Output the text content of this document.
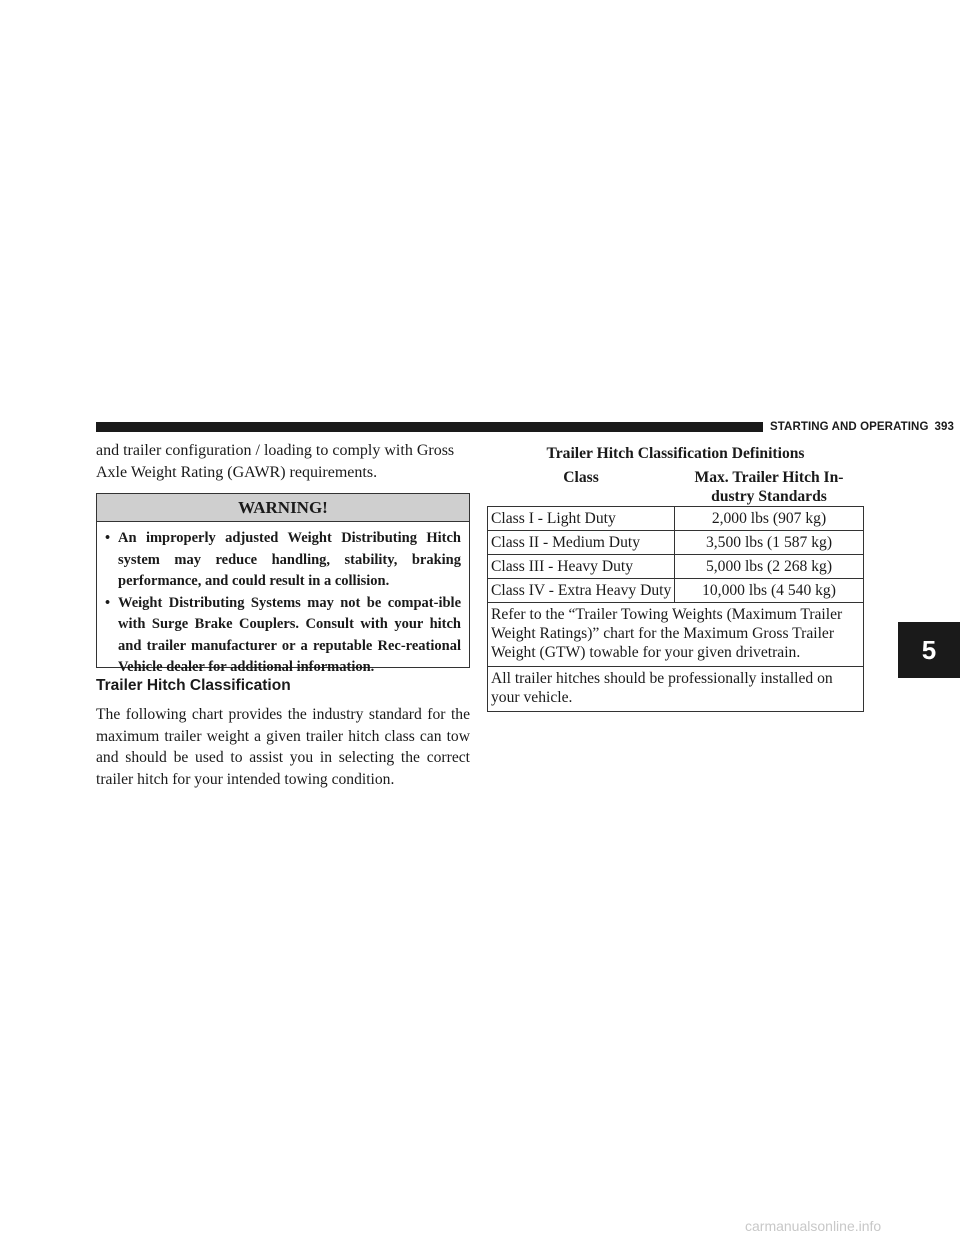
STARTING AND OPERATING 393

and trailer configuration / loading to comply with Gross Axle Weight Rating (GAWR) requirements.

WARNING!
• An improperly adjusted Weight Distributing Hitch system may reduce handling, stability, braking performance, and could result in a collision.
• Weight Distributing Systems may not be compat-ible with Surge Brake Couplers. Consult with your hitch and trailer manufacturer or a reputable Rec-reational Vehicle dealer for additional information.
Trailer Hitch Classification

The following chart provides the industry standard for the maximum trailer weight a given trailer hitch class can tow and should be used to assist you in selecting the correct trailer hitch for your intended towing condition.

Trailer Hitch Classification Definitions	
Class	Max. Trailer Hitch In-dustry Standards
Class I - Light Duty	2,000 lbs (907 kg)
Class II - Medium Duty	3,500 lbs (1 587 kg)
Class III - Heavy Duty	5,000 lbs (2 268 kg)
Class IV - Extra Heavy Duty	10,000 lbs (4 540 kg)
Refer to the “Trailer Towing Weights (Maximum Trailer Weight Ratings)” chart for the Maximum Gross Trailer Weight (GTW) towable for your given drivetrain.	
All trailer hitches should be professionally installed on your vehicle.	
5
carmanualsonline.info
